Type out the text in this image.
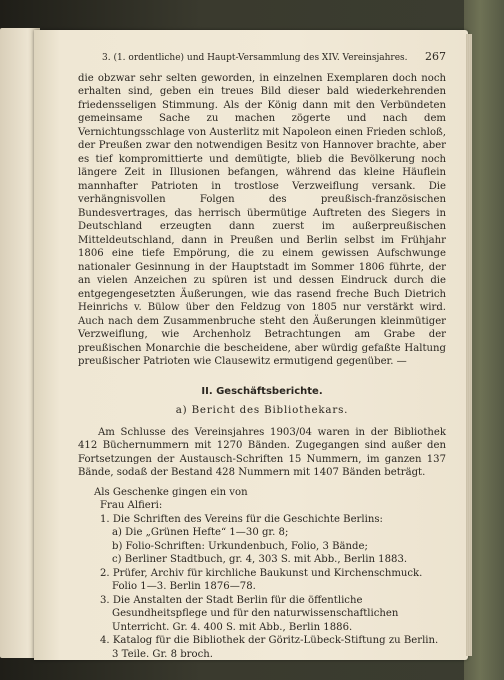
3. (1. ordentliche) und Haupt-Versammlung des XIV. Vereinsjahres. 267

die obzwar sehr selten geworden, in einzelnen Exemplaren doch noch erhalten sind, geben ein treues Bild dieser bald wiederkehrenden friedensseligen Stimmung. Als der König dann mit den Verbündeten gemeinsame Sache zu machen zögerte und nach dem Vernichtungsschlage von Austerlitz mit Napoleon einen Frieden schloß, der Preußen zwar den notwendigen Besitz von Hannover brachte, aber es tief kompromittierte und demütigte, blieb die Bevölkerung noch längere Zeit in Illusionen befangen, während das kleine Häuflein mannhafter Patrioten in trostlose Verzweiflung versank. Die verhängnisvollen Folgen des preußisch-französischen Bundesvertrages, das herrisch übermütige Auftreten des Siegers in Deutschland erzeugten dann zuerst im außerpreußischen Mitteldeutschland, dann in Preußen und Berlin selbst im Frühjahr 1806 eine tiefe Empörung, die zu einem gewissen Aufschwunge nationaler Gesinnung in der Hauptstadt im Sommer 1806 führte, der an vielen Anzeichen zu spüren ist und dessen Eindruck durch die entgegengesetzten Äußerungen, wie das rasend freche Buch Dietrich Heinrichs v. Bülow über den Feldzug von 1805 nur verstärkt wird. Auch nach dem Zusammenbruche steht den Äußerungen kleinmütiger Verzweiflung, wie Archenholz Betrachtungen am Grabe der preußischen Monarchie die bescheidene, aber würdig gefaßte Haltung preußischer Patrioten wie Clausewitz ermutigend gegenüber. —

II. Geschäftsberichte.
a) Bericht des Bibliothekars.

Am Schlusse des Vereinsjahres 1903/04 waren in der Bibliothek 412 Büchernummern mit 1270 Bänden. Zugegangen sind außer den Fortsetzungen der Austausch-Schriften 15 Nummern, im ganzen 137 Bände, sodaß der Bestand 428 Nummern mit 1407 Bänden beträgt.

Als Geschenke gingen ein von

Frau Alfieri:

1. Die Schriften des Vereins für die Geschichte Berlins:
a) Die „Grünen Hefte“ 1—30 gr. 8;
b) Folio-Schriften: Urkundenbuch, Folio, 3 Bände;
c) Berliner Stadtbuch, gr. 4, 303 S. mit Abb., Berlin 1883.
2. Prüfer, Archiv für kirchliche Baukunst und Kirchenschmuck. Folio 1—3. Berlin 1876—78.
3. Die Anstalten der Stadt Berlin für die öffentliche Gesundheitspflege und für den naturwissenschaftlichen Unterricht. Gr. 4. 400 S. mit Abb., Berlin 1886.
4. Katalog für die Bibliothek der Göritz-Lübeck-Stiftung zu Berlin. 3 Teile. Gr. 8 broch.
